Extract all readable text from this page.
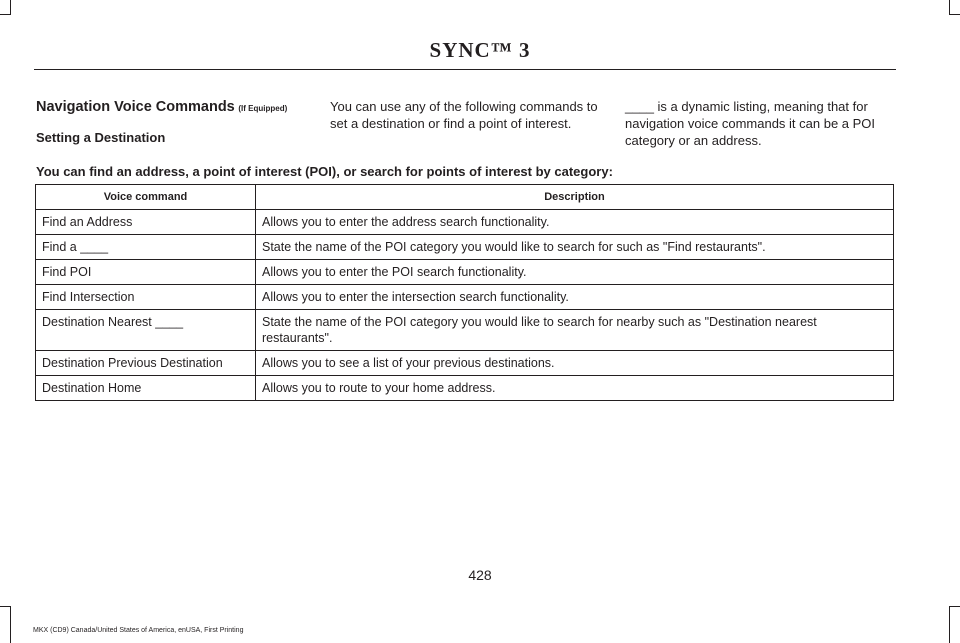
SYNC™ 3
Navigation Voice Commands (If Equipped)
Setting a Destination
You can use any of the following commands to set a destination or find a point of interest.
____ is a dynamic listing, meaning that for navigation voice commands it can be a POI category or an address.
You can find an address, a point of interest (POI), or search for points of interest by category:
Voice command	Description
Find an Address	Allows you to enter the address search functionality.
Find a ____	State the name of the POI category you would like to search for such as "Find restaurants".
Find POI	Allows you to enter the POI search functionality.
Find Intersection	Allows you to enter the intersection search functionality.
Destination Nearest ____	State the name of the POI category you would like to search for nearby such as "Destination nearest restaurants".
Destination Previous Destination	Allows you to see a list of your previous destinations.
Destination Home	Allows you to route to your home address.
428
MKX (CD9) Canada/United States of America, enUSA, First Printing
